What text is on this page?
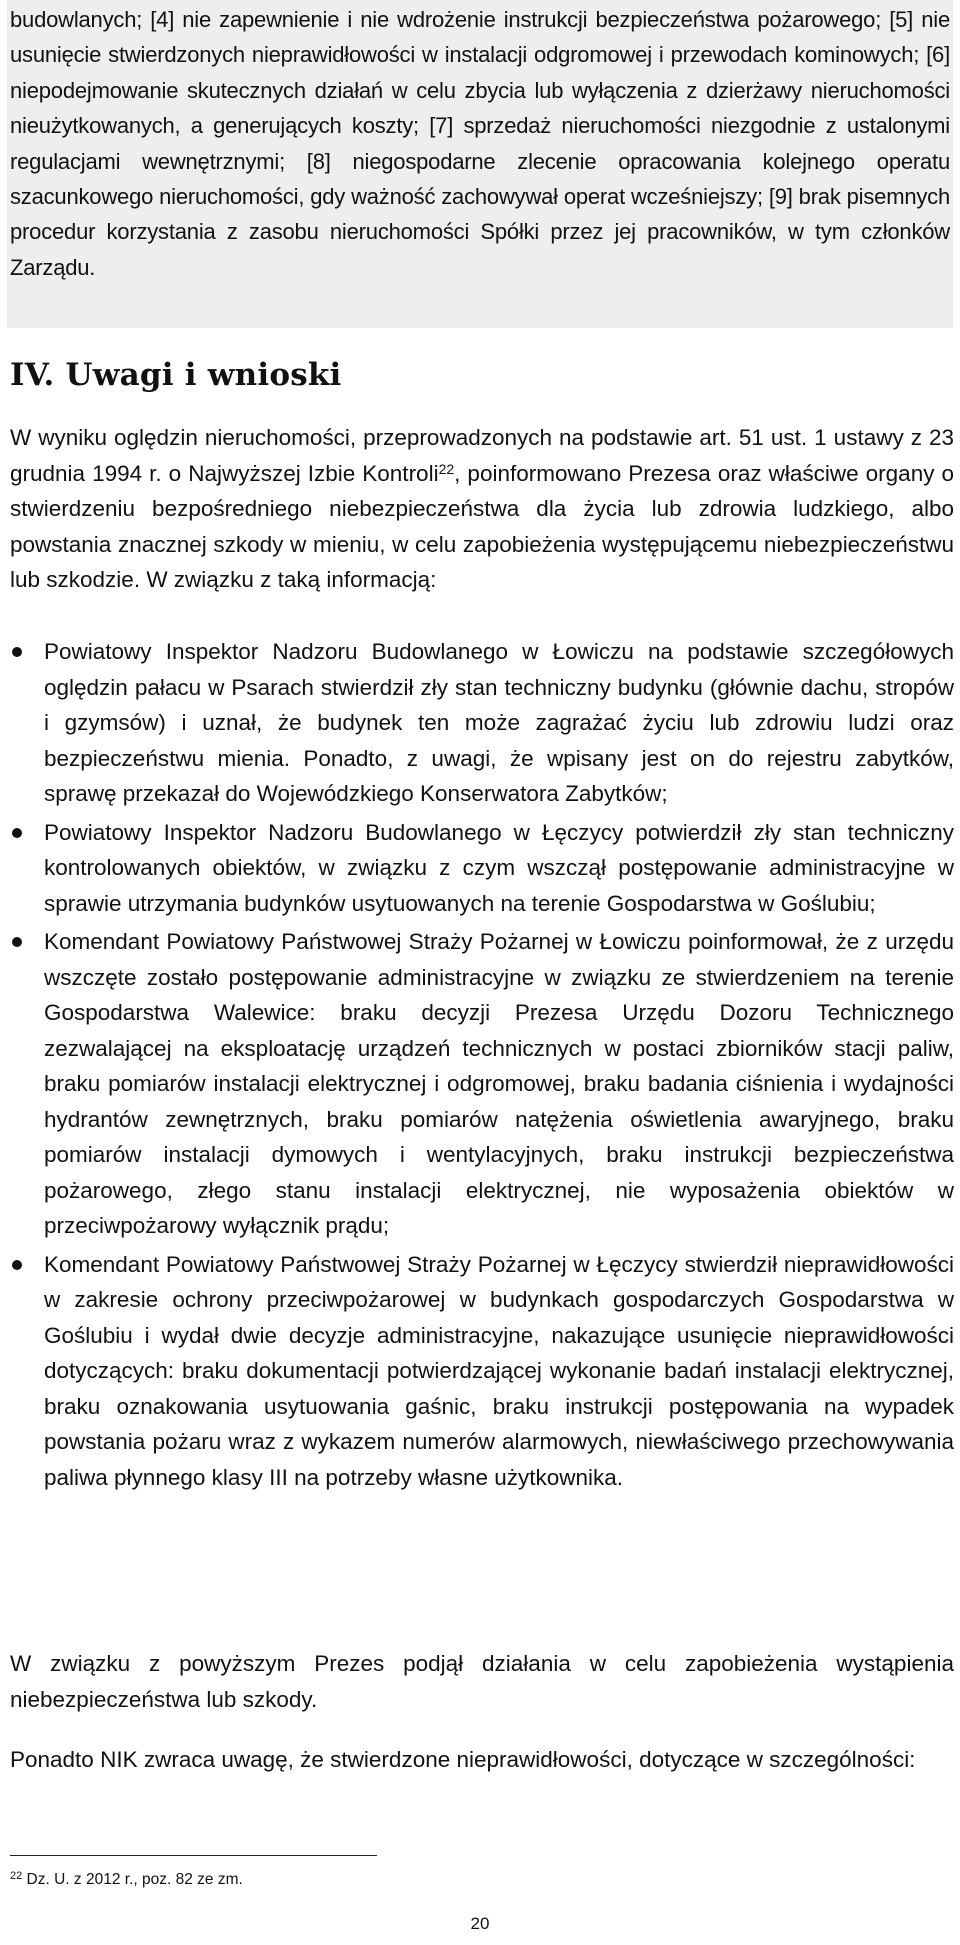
budowlanych; [4] nie zapewnienie i nie wdrożenie instrukcji bezpieczeństwa pożarowego; [5] nie usunięcie stwierdzonych nieprawidłowości w instalacji odgromowej i przewodach kominowych; [6] niepodejmowanie skutecznych działań w celu zbycia lub wyłączenia z dzierżawy nieruchomości nieużytkowanych, a generujących koszty; [7] sprzedaż nieruchomości niezgodnie z ustalonymi regulacjami wewnętrznymi; [8] niegospodarne zlecenie opracowania kolejnego operatu szacunkowego nieruchomości, gdy ważność zachowywał operat wcześniejszy; [9] brak pisemnych procedur korzystania z zasobu nieruchomości Spółki przez jej pracowników, w tym członków Zarządu.

IV. Uwagi i wnioski

W wyniku oględzin nieruchomości, przeprowadzonych na podstawie art. 51 ust. 1 ustawy z 23 grudnia 1994 r. o Najwyższej Izbie Kontroli$^{22}$, poinformowano Prezesa oraz właściwe organy o stwierdzeniu bezpośredniego niebezpieczeństwa dla życia lub zdrowia ludzkiego, albo powstania znacznej szkody w mieniu, w celu zapobieżenia występującemu niebezpieczeństwu lub szkodzie. W związku z taką informacją:

Powiatowy Inspektor Nadzoru Budowlanego w Łowiczu na podstawie szczegółowych oględzin pałacu w Psarach stwierdził zły stan techniczny budynku (głównie dachu, stropów i gzymsów) i uznał, że budynek ten może zagrażać życiu lub zdrowiu ludzi oraz bezpieczeństwu mienia. Ponadto, z uwagi, że wpisany jest on do rejestru zabytków, sprawę przekazał do Wojewódzkiego Konserwatora Zabytków;

Powiatowy Inspektor Nadzoru Budowlanego w Łęczycy potwierdził zły stan techniczny kontrolowanych obiektów, w związku z czym wszczął postępowanie administracyjne w sprawie utrzymania budynków usytuowanych na terenie Gospodarstwa w Goślubiu;

Komendant Powiatowy Państwowej Straży Pożarnej w Łowiczu poinformował, że z urzędu wszczęte zostało postępowanie administracyjne w związku ze stwierdzeniem na terenie Gospodarstwa Walewice: braku decyzji Prezesa Urzędu Dozoru Technicznego zezwalającej na eksploatację urządzeń technicznych w postaci zbiorników stacji paliw, braku pomiarów instalacji elektrycznej i odgromowej, braku badania ciśnienia i wydajności hydrantów zewnętrznych, braku pomiarów natężenia oświetlenia awaryjnego, braku pomiarów instalacji dymowych i wentylacyjnych, braku instrukcji bezpieczeństwa pożarowego, złego stanu instalacji elektrycznej, nie wyposażenia obiektów w przeciwpożarowy wyłącznik prądu;

Komendant Powiatowy Państwowej Straży Pożarnej w Łęczycy stwierdził nieprawidłowości w zakresie ochrony przeciwpożarowej w budynkach gospodarczych Gospodarstwa w Goślubiu i wydał dwie decyzje administracyjne, nakazujące usunięcie nieprawidłowości dotyczących: braku dokumentacji potwierdzającej wykonanie badań instalacji elektrycznej, braku oznakowania usytuowania gaśnic, braku instrukcji postępowania na wypadek powstania pożaru wraz z wykazem numerów alarmowych, niewłaściwego przechowywania paliwa płynnego klasy III na potrzeby własne użytkownika.

W związku z powyższym Prezes podjął działania w celu zapobieżenia wystąpienia niebezpieczeństwa lub szkody.

Ponadto NIK zwraca uwagę, że stwierdzone nieprawidłowości, dotyczące w szczególności:

$^{22}$ Dz. U. z 2012 r., poz. 82 ze zm.

20
